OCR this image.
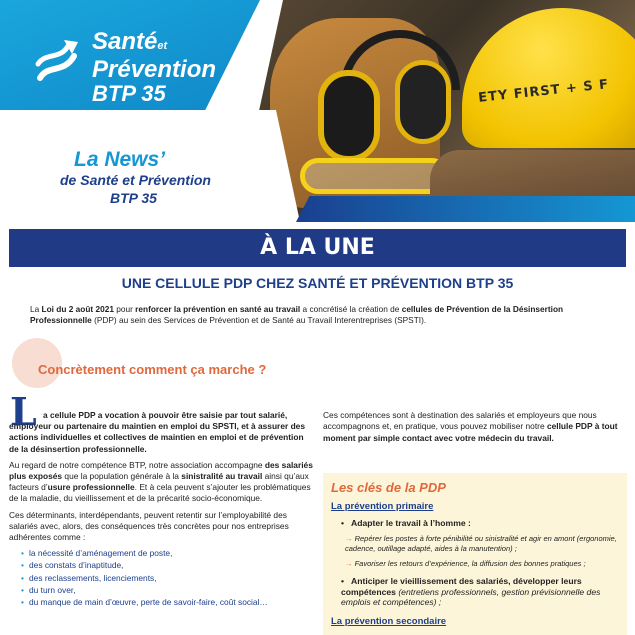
ETY FIRST + S F
Santéet
Prévention
BTP 35
La News’
de Santé et Prévention
BTP 35
À LA UNE
UNE CELLULE PDP CHEZ SANTÉ ET PRÉVENTION BTP 35
La Loi du 2 août 2021 pour renforcer la prévention en santé au travail a concrétisé la création de cellules de Prévention de la Désinsertion Professionnelle (PDP) au sein des Services de Prévention et de Santé au Travail Interentreprises (SPSTI).
Concrètement comment ça marche ?
L a cellule PDP a vocation à pouvoir être saisie par tout salarié, employeur ou partenaire du maintien en emploi du SPSTI, et à assurer des actions individuelles et collectives de maintien en emploi et de prévention de la désinsertion professionnelle.

Au regard de notre compétence BTP, notre association accompagne des salariés plus exposés que la population générale à la sinistralité au travail ainsi qu’aux facteurs d’usure professionnelle. Et à cela peuvent s’ajouter les problématiques de la maladie, du vieillissement et de la précarité socio-économique.

Ces déterminants, interdépendants, peuvent retentir sur l’employabilité des salariés avec, alors, des conséquences très concrètes pour nos entreprises adhérentes comme :

• la nécessité d’aménagement de poste,
• des constats d’inaptitude,
• des reclassements, licenciements,
• du turn over,
• du manque de main d’œuvre, perte de savoir-faire, coût social…
Ces compétences sont à destination des salariés et employeurs que nous accompagnons et, en pratique, vous pouvez mobiliser notre cellule PDP à tout moment par simple contact avec votre médecin du travail.
Les clés de la PDP
La prévention primaire
• Adapter le travail à l’homme :
→ Repérer les postes à forte pénibilité ou sinistralité et agir en amont (ergonomie, cadence, outillage adapté, aides à la manutention) ;
→ Favoriser les retours d’expérience, la diffusion des bonnes pratiques ;
• Anticiper le vieillissement des salariés, développer leurs compétences (entretiens professionnels, gestion prévisionnelle des emplois et compétences) ;
La prévention secondaire
